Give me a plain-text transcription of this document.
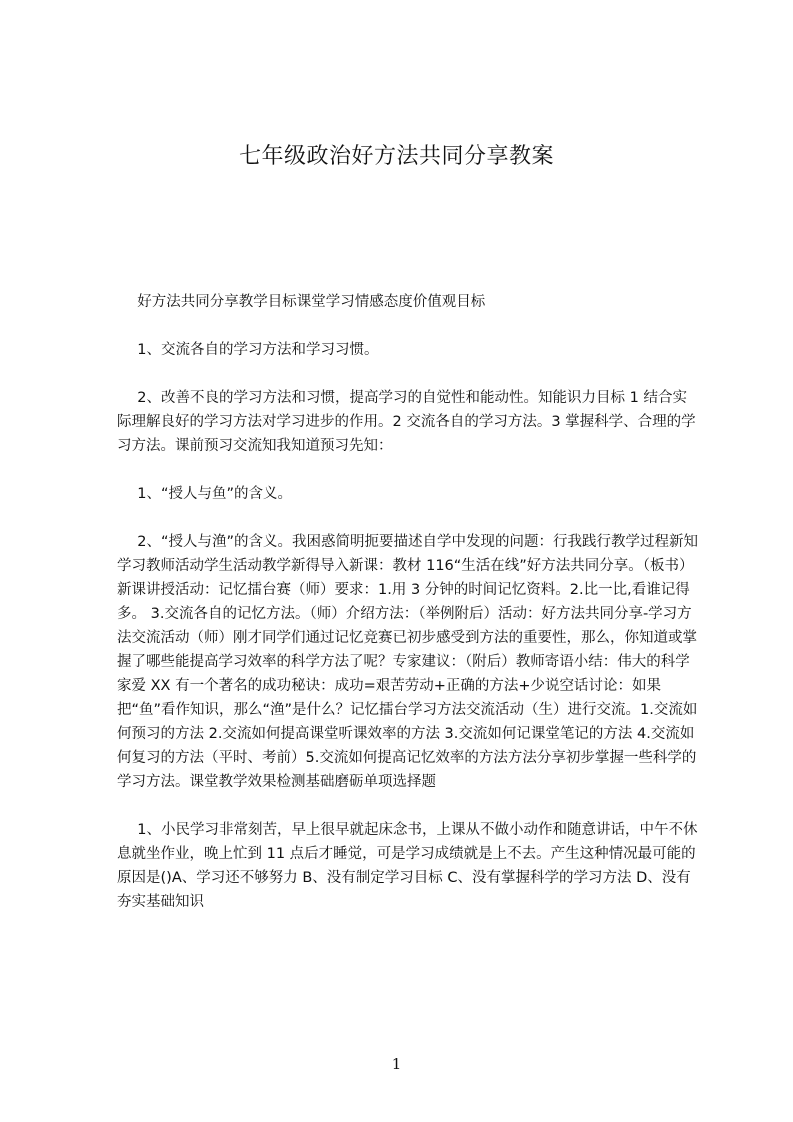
七年级政治好方法共同分享教案

好方法共同分享教学目标课堂学习情感态度价值观目标

1、交流各自的学习方法和学习习惯。

2、改善不良的学习方法和习惯，提高学习的自觉性和能动性。知能识力目标 1 结合实际理解良好的学习方法对学习进步的作用。2 交流各自的学习方法。3 掌握科学、合理的学习方法。课前预习交流知我知道预习先知：

1、“授人与鱼”的含义。

2、“授人与渔”的含义。我困惑简明扼要描述自学中发现的问题：行我践行教学过程新知学习教师活动学生活动教学新得导入新课：教材 116“生活在线”好方法共同分享。（板书）新课讲授活动：记忆擂台赛（师）要求：1.用 3 分钟的时间记忆资料。2.比一比,看谁记得多。 3.交流各自的记忆方法。（师）介绍方法：（举例附后）活动：好方法共同分享-学习方法交流活动（师）刚才同学们通过记忆竞赛已初步感受到方法的重要性，那么，你知道或掌握了哪些能提高学习效率的科学方法了呢？专家建议：（附后）教师寄语小结：伟大的科学家爱 XX 有一个著名的成功秘诀：成功=艰苦劳动+正确的方法+少说空话讨论：如果把“鱼”看作知识，那么“渔”是什么？记忆擂台学习方法交流活动（生）进行交流。1.交流如何预习的方法 2.交流如何提高课堂听课效率的方法 3.交流如何记课堂笔记的方法 4.交流如何复习的方法（平时、考前）5.交流如何提高记忆效率的方法方法分享初步掌握一些科学的学习方法。课堂教学效果检测基础磨砺单项选择题

1、小民学习非常刻苦，早上很早就起床念书，上课从不做小动作和随意讲话，中午不休息就坐作业，晚上忙到 11 点后才睡觉，可是学习成绩就是上不去。产生这种情况最可能的原因是()A、学习还不够努力 B、没有制定学习目标 C、没有掌握科学的学习方法 D、没有夯实基础知识

1
